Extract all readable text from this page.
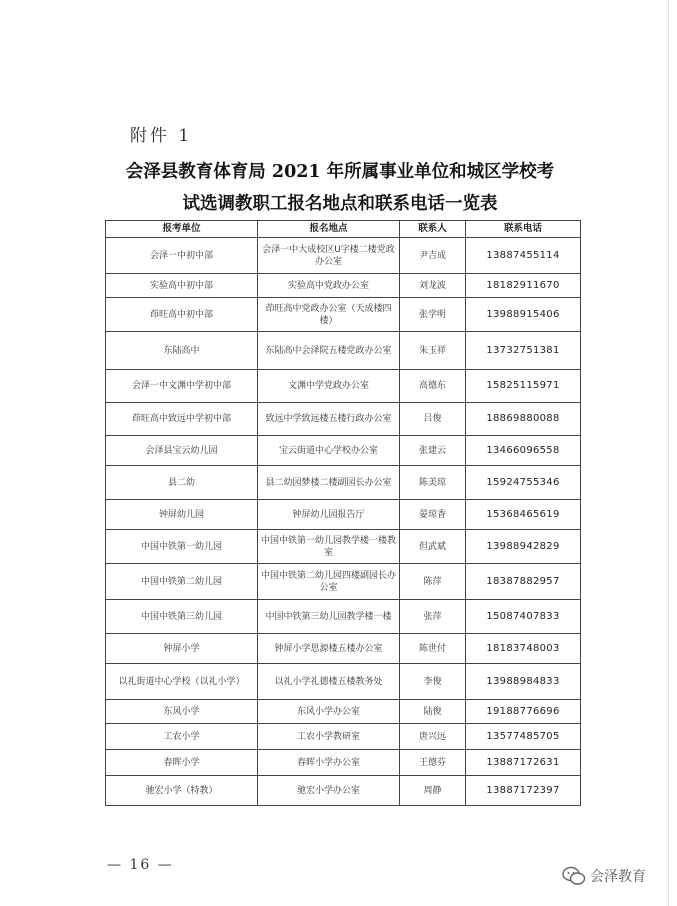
附件 1
会泽县教育体育局 2021 年所属事业单位和城区学校考
试选调教职工报名地点和联系电话一览表
报考单位	报名地点	联系人	联系电话
会泽一中初中部	会泽一中大成校区U字楼二楼党政办公室	尹吉成	13887455114
实验高中初中部	实验高中党政办公室	刘龙波	18182911670
茚旺高中初中部	茚旺高中党政办公室（天成楼四楼）	张学明	13988915406
东陆高中	东陆高中会泽院五楼党政办公室	朱玉祥	13732751381
会泽一中文渊中学初中部	文渊中学党政办公室	高德东	15825115971
茚旺高中致远中学初中部	致远中学致远楼五楼行政办公室	吕俊	18869880088
会泽县宝云幼儿园	宝云街道中心学校办公室	张建云	13466096558
县二幼	县二幼园梦楼二楼副园长办公室	陈美琼	15924755346
钟屏幼儿园	钟屏幼儿园报告厅	晏琼香	15368465619
中国中铁第一幼儿园	中国中铁第一幼儿园教学楼一楼教室	但武斌	13988942829
中国中铁第二幼儿园	中国中铁第二幼儿园四楼副园长办公室	陈萍	18387882957
中国中铁第三幼儿园	中国中铁第三幼儿园教学楼一楼	张萍	15087407833
钟屏小学	钟屏小学思源楼五楼办公室	陈世付	18183748003
以礼街道中心学校（以礼小学）	以礼小学礼德楼五楼教务处	李俊	13988984833
东风小学	东风小学办公室	陆俊	19188776696
工农小学	工农小学教研室	唐兴远	13577485705
春晖小学	春晖小学办公室	王德芬	13887172631
驰宏小学（特教）	驰宏小学办公室	周静	13887172397
— 16 —
会泽教育
